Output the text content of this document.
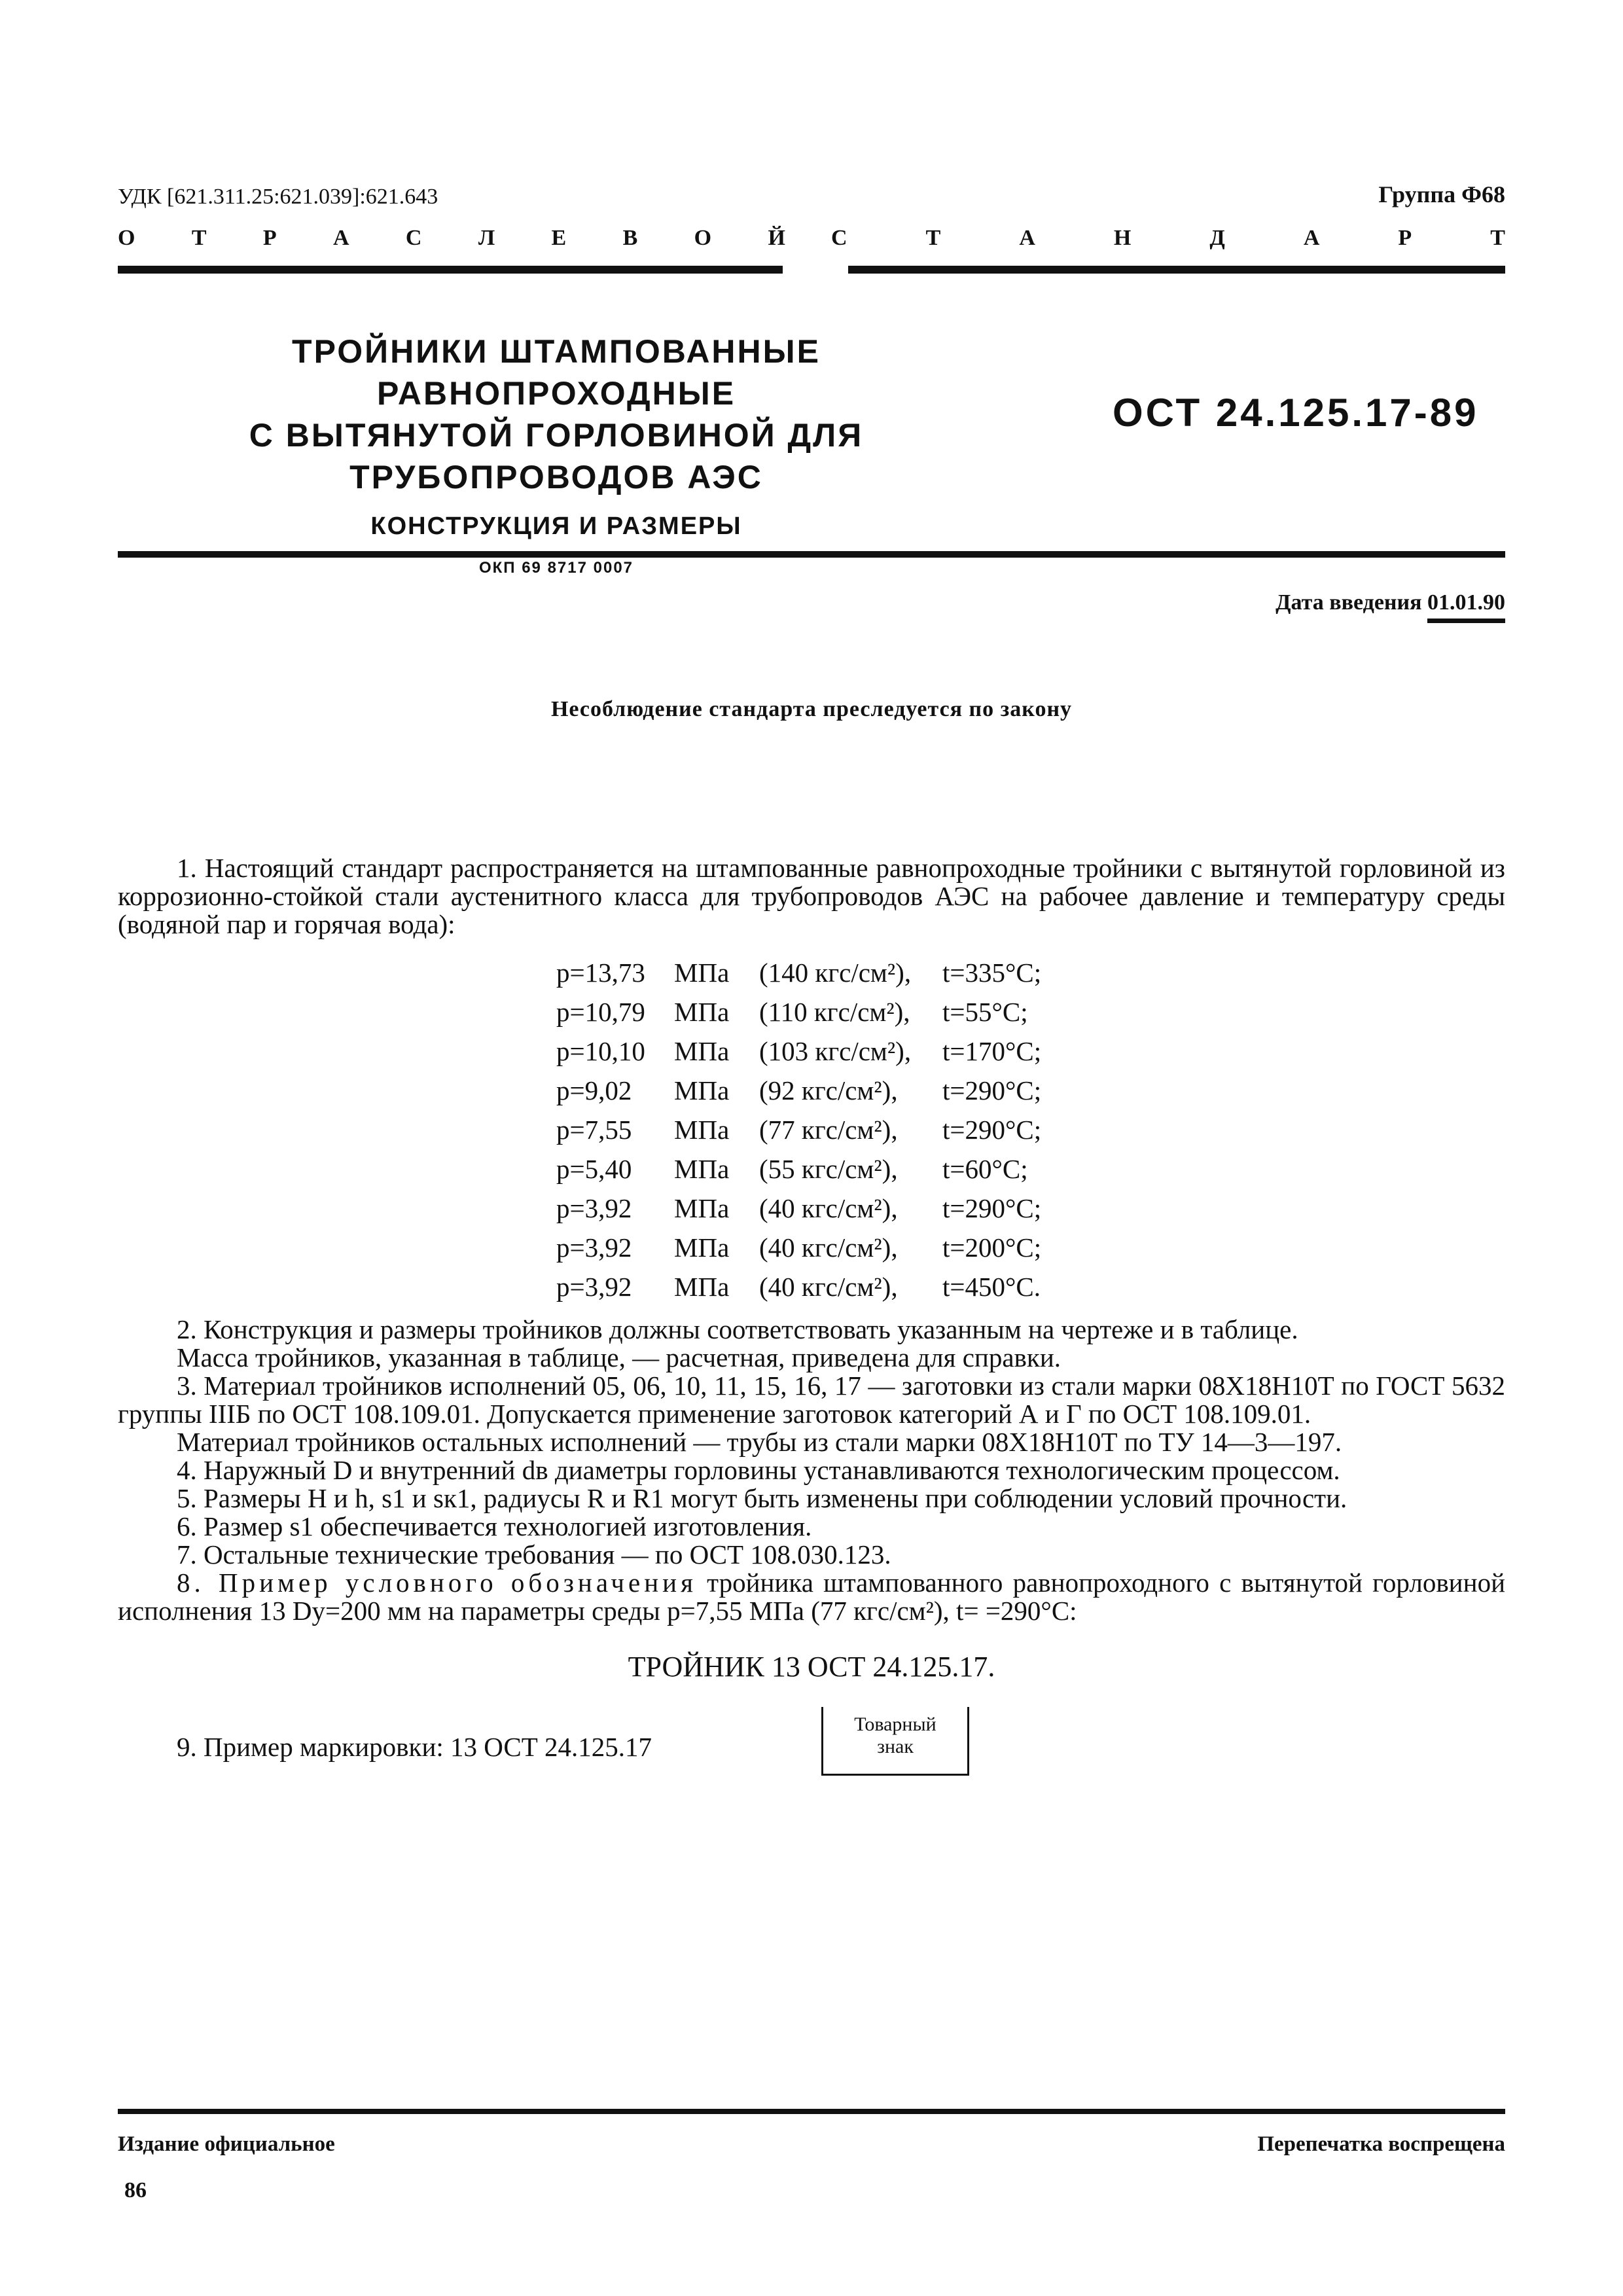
УДК [621.311.25:621.039]:621.643	Группа Ф68
О	Т	Р	А	С	Л	Е	В	О	Й С	Т	А	Н	Д	А	Р	Т
ТРОЙНИКИ ШТАМПОВАННЫЕ РАВНОПРОХОДНЫЕ
С ВЫТЯНУТОЙ ГОРЛОВИНОЙ ДЛЯ ТРУБОПРОВОДОВ АЭС
КОНСТРУКЦИЯ И РАЗМЕРЫ
ОКП 69 8717 0007
ОСТ 24.125.17-89
Дата введения 01.01.90
Несоблюдение стандарта преследуется по закону

1. Настоящий стандарт распространяется на штампованные равнопроходные тройники с вытянутой горловиной из коррозионно-стойкой стали аустенитного класса для трубопроводов АЭС на рабочее давление и температуру среды (водяной пар и горячая вода):

p=13,73 МПа (140 кгс/см²), t=335°C;
p=10,79 МПа (110 кгс/см²), t=55°C;
p=10,10 МПа (103 кгс/см²), t=170°C;
p=9,02 МПа (92 кгс/см²), t=290°C;
p=7,55 МПа (77 кгс/см²), t=290°C;
p=5,40 МПа (55 кгс/см²), t=60°C;
p=3,92 МПа (40 кгс/см²), t=290°C;
p=3,92 МПа (40 кгс/см²), t=200°C;
p=3,92 МПа (40 кгс/см²), t=450°C.

2. Конструкция и размеры тройников должны соответствовать указанным на чертеже и в таблице.

Масса тройников, указанная в таблице, — расчетная, приведена для справки.

3. Материал тройников исполнений 05, 06, 10, 11, 15, 16, 17 — заготовки из стали марки 08Х18Н10Т по ГОСТ 5632 группы IIIБ по ОСТ 108.109.01. Допускается применение заготовок категорий А и Г по ОСТ 108.109.01.

Материал тройников остальных исполнений — трубы из стали марки 08Х18Н10Т по ТУ 14—3—197.

4. Наружный D и внутренний dв диаметры горловины устанавливаются технологическим процессом.

5. Размеры H и h, s1 и sк1, радиусы R и R1 могут быть изменены при соблюдении условий прочности.

6. Размер s1 обеспечивается технологией изготовления.

7. Остальные технические требования — по ОСТ 108.030.123.

8. Пример условного обозначения тройника штампованного равнопроходного с вытянутой горловиной исполнения 13 Dу=200 мм на параметры среды p=7,55 МПа (77 кгс/см²), t= =290°С:

ТРОЙНИК 13 ОСТ 24.125.17.
9. Пример маркировки: 13 ОСТ 24.125.17
Товарный
знак
Издание официальное	Перепечатка воспрещена
86
